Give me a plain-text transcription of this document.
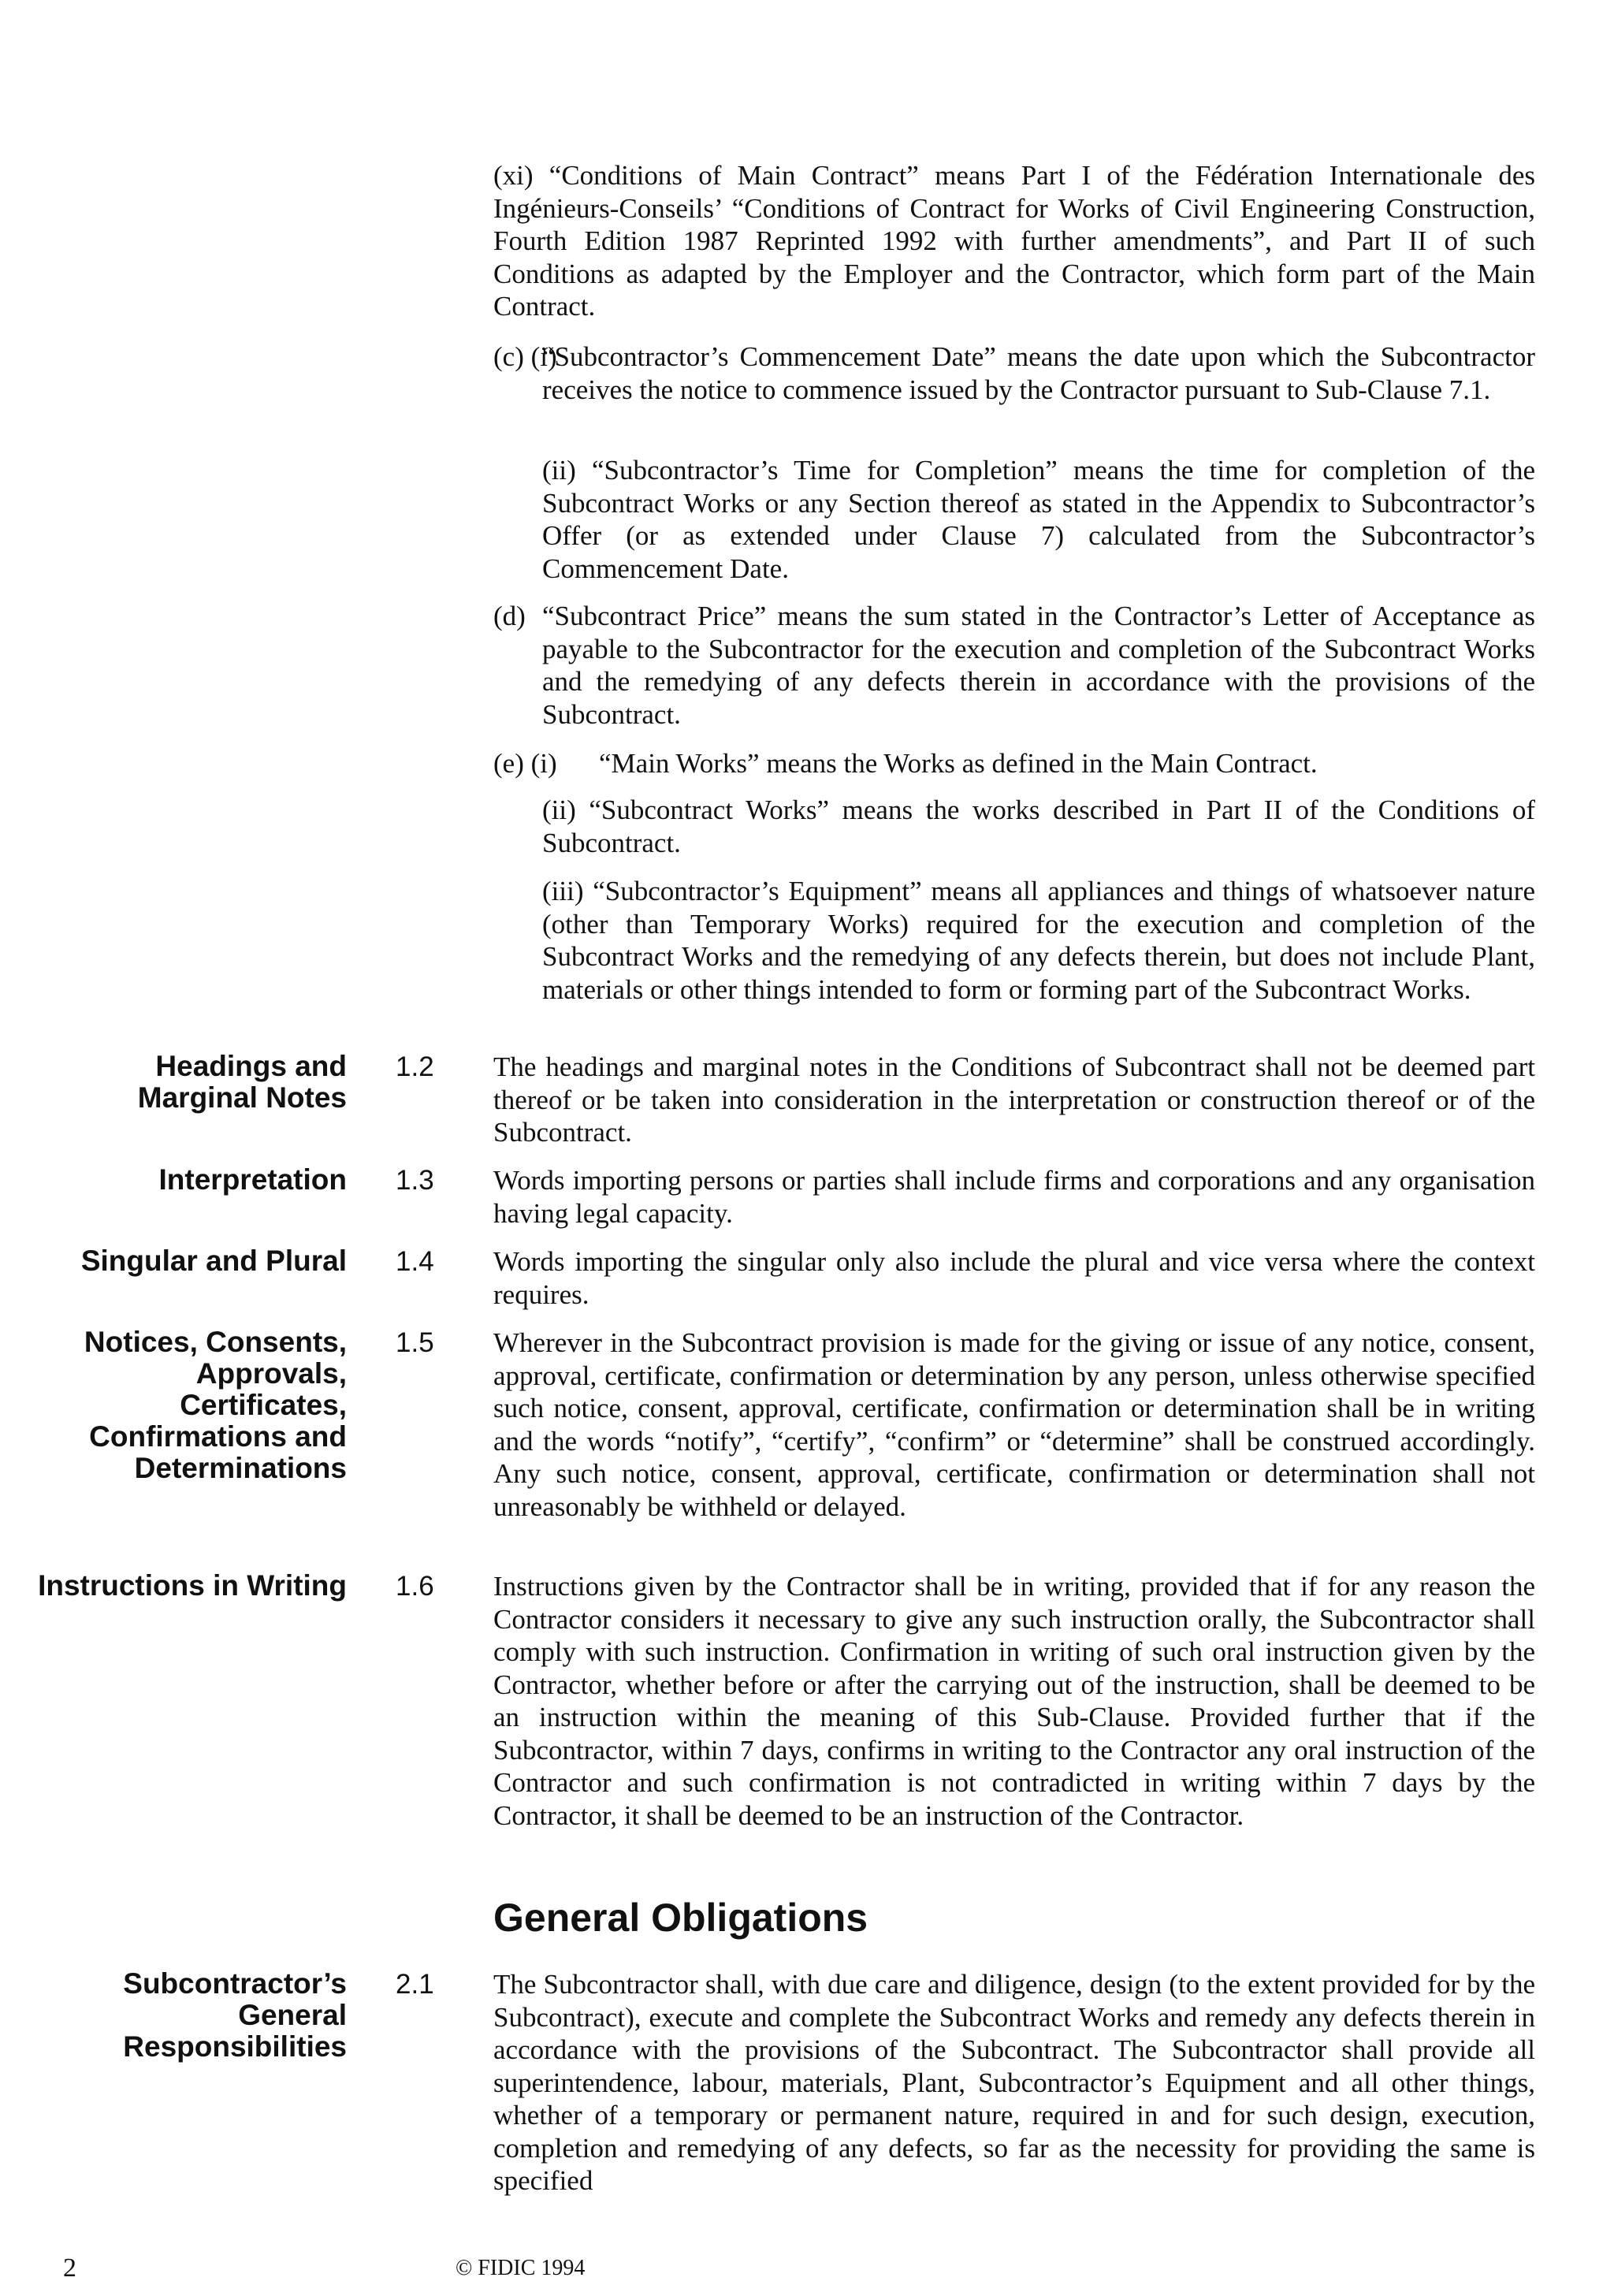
(xi) “Conditions of Main Contract” means Part I of the Fédération Internationale des Ingénieurs-Conseils’ “Conditions of Contract for Works of Civil Engineering Construction, Fourth Edition 1987 Reprinted 1992 with further amendments”, and Part II of such Conditions as adapted by the Employer and the Contractor, which form part of the Main Contract.

(c) (i)

“Subcontractor’s Commencement Date” means the date upon which the Subcontractor receives the notice to commence issued by the Contractor pursuant to Sub-Clause 7.1.

(ii) “Subcontractor’s Time for Completion” means the time for completion of the Subcontract Works or any Section thereof as stated in the Appendix to Subcontractor’s Offer (or as extended under Clause 7) calculated from the Subcontractor’s Commencement Date.

(d) “Subcontract Price” means the sum stated in the Contractor’s Letter of Acceptance as payable to the Subcontractor for the execution and completion of the Subcontract Works and the remedying of any defects therein in accordance with the provisions of the Subcontract.

(e) (i) “Main Works” means the Works as defined in the Main Contract.

(ii) “Subcontract Works” means the works described in Part II of the Conditions of Subcontract.

(iii) “Subcontractor’s Equipment” means all appliances and things of whatsoever nature (other than Temporary Works) required for the execution and completion of the Subcontract Works and the remedying of any defects therein, but does not include Plant, materials or other things intended to form or forming part of the Subcontract Works.

Headings and Marginal Notes
1.2	The headings and marginal notes in the Conditions of Subcontract shall not be deemed part thereof or be taken into consideration in the interpretation or construction thereof or of the Subcontract.

Interpretation 1.3	Words importing persons or parties shall include firms and corporations and any organisation having legal capacity.

Singular and Plural 1.4	Words importing the singular only also include the plural and vice versa where the context requires.

Notices, Consents, Approvals, Certificates, Confirmations and Determinations
1.5	Wherever in the Subcontract provision is made for the giving or issue of any notice, consent, approval, certificate, confirmation or determination by any person, unless otherwise specified such notice, consent, approval, certificate, confirmation or determination shall be in writing and the words “notify”, “certify”, “confirm” or “determine” shall be construed accordingly. Any such notice, consent, approval, certificate, confirmation or determination shall not unreasonably be withheld or delayed.

Instructions in Writing 1.6	Instructions given by the Contractor shall be in writing, provided that if for any reason the Contractor considers it necessary to give any such instruction orally, the Subcontractor shall comply with such instruction. Confirmation in writing of such oral instruction given by the Contractor, whether before or after the carrying out of the instruction, shall be deemed to be an instruction within the meaning of this Sub-Clause. Provided further that if the Subcontractor, within 7 days, confirms in writing to the Contractor any oral instruction of the Contractor and such confirmation is not contradicted in writing within 7 days by the Contractor, it shall be deemed to be an instruction of the Contractor.

General Obligations
Subcontractor’s General Responsibilities
2.1	The Subcontractor shall, with due care and diligence, design (to the extent provided for by the Subcontract), execute and complete the Subcontract Works and remedy any defects therein in accordance with the provisions of the Subcontract. The Subcontractor shall provide all superintendence, labour, materials, Plant, Subcontractor’s Equipment and all other things, whether of a temporary or permanent nature, required in and for such design, execution, completion and remedying of any defects, so far as the necessity for providing the same is specified

2	© FIDIC 1994
